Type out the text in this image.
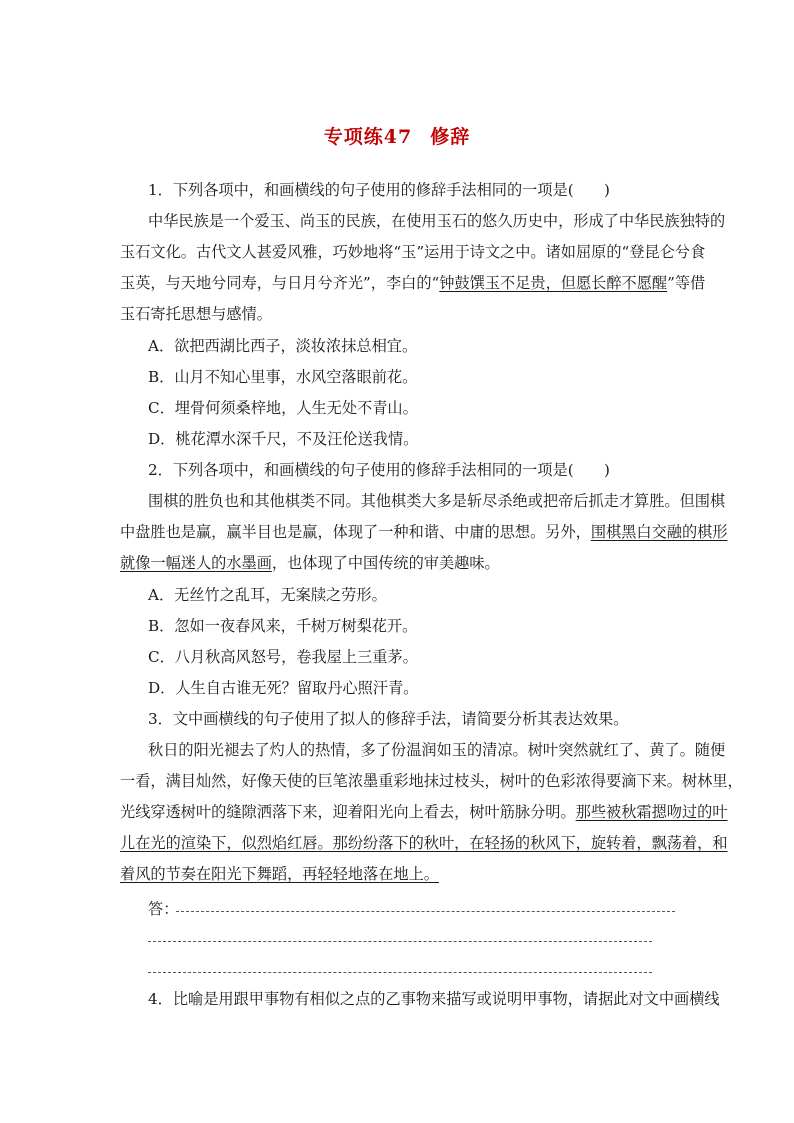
专项练47 修辞
1．下列各项中，和画横线的句子使用的修辞手法相同的一项是(　　)
中华民族是一个爱玉、尚玉的民族，在使用玉石的悠久历史中，形成了中华民族独特的
玉石文化。古代文人甚爱风雅，巧妙地将“玉”运用于诗文之中。诸如屈原的“登昆仑兮食
玉英，与天地兮同寿，与日月兮齐光”，李白的“钟鼓馔玉不足贵，但愿长醉不愿醒”等借
玉石寄托思想与感情。
A．欲把西湖比西子，淡妆浓抹总相宜。
B．山月不知心里事，水风空落眼前花。
C．埋骨何须桑梓地，人生无处不青山。
D．桃花潭水深千尺，不及汪伦送我情。
2．下列各项中，和画横线的句子使用的修辞手法相同的一项是(　　)
围棋的胜负也和其他棋类不同。其他棋类大多是斩尽杀绝或把帝后抓走才算胜。但围棋
中盘胜也是赢，赢半目也是赢，体现了一种和谐、中庸的思想。另外，围棋黑白交融的棋形
就像一幅迷人的水墨画，也体现了中国传统的审美趣味。
A．无丝竹之乱耳，无案牍之劳形。
B．忽如一夜春风来，千树万树梨花开。
C．八月秋高风怒号，卷我屋上三重茅。
D．人生自古谁无死？留取丹心照汗青。
3．文中画横线的句子使用了拟人的修辞手法，请简要分析其表达效果。
秋日的阳光褪去了灼人的热情，多了份温润如玉的清凉。树叶突然就红了、黄了。随便
一看，满目灿然，好像天使的巨笔浓墨重彩地抹过枝头，树叶的色彩浓得要滴下来。树林里，
光线穿透树叶的缝隙洒落下来，迎着阳光向上看去，树叶筋脉分明。那些被秋霜摁吻过的叶
儿在光的渲染下，似烈焰红唇。那纷纷落下的秋叶，在轻扬的秋风下，旋转着，飘荡着，和
着风的节奏在阳光下舞蹈，再轻轻地落在地上。
答：
4．比喻是用跟甲事物有相似之点的乙事物来描写或说明甲事物，请据此对文中画横线
